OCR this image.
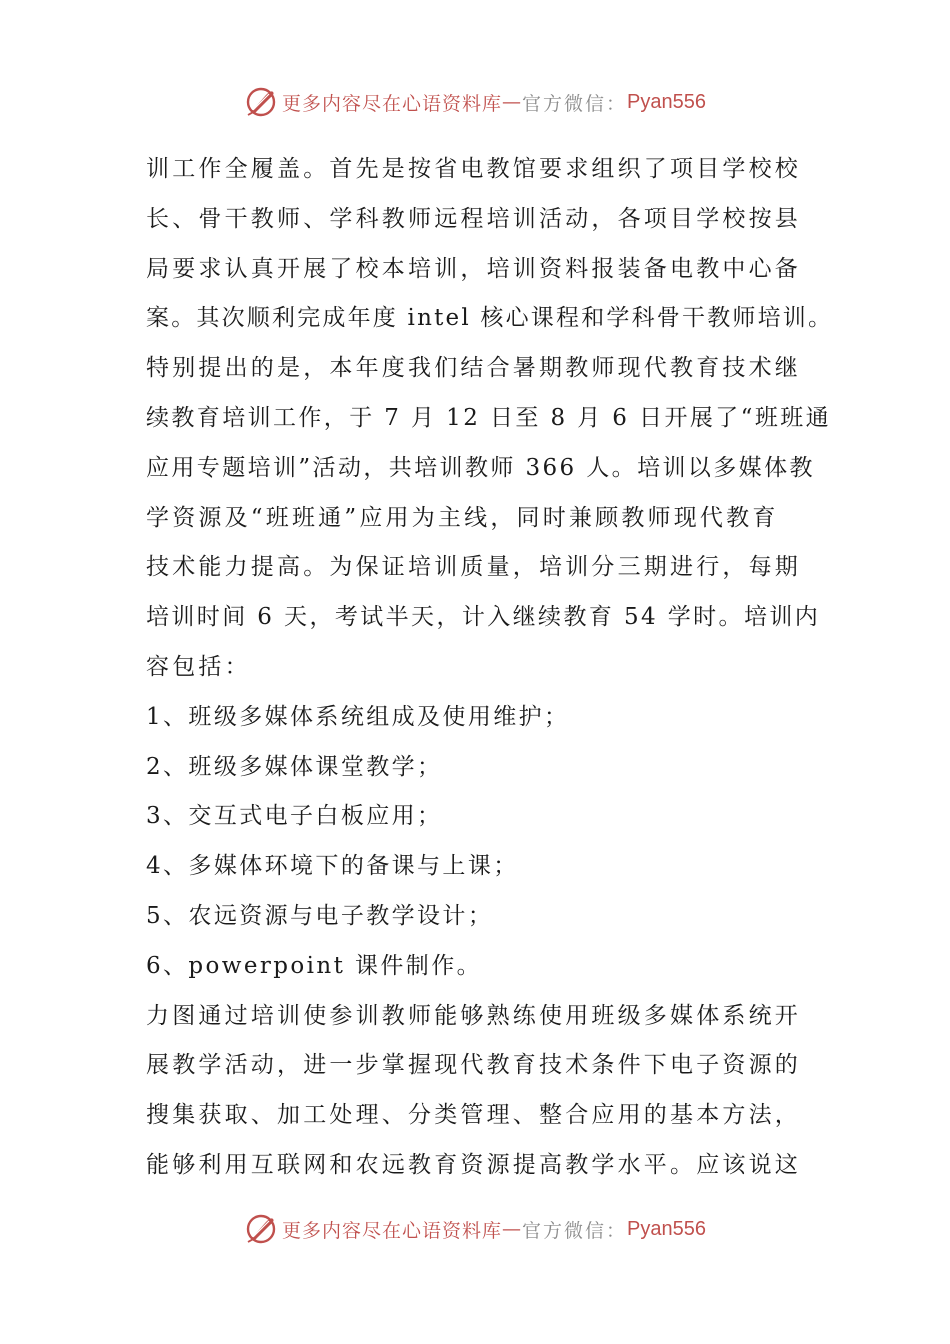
更多内容尽在心语资料库 — 官方微信： Pyan556
训工作全履盖。首先是按省电教馆要求组织了项目学校校
长、骨干教师、学科教师远程培训活动，各项目学校按县
局要求认真开展了校本培训，培训资料报装备电教中心备
案。其次顺利完成年度 intel 核心课程和学科骨干教师培训。
特别提出的是，本年度我们结合暑期教师现代教育技术继
续教育培训工作，于 7 月 12 日至 8 月 6 日开展了“班班通
应用专题培训”活动，共培训教师 366 人。培训以多媒体教
学资源及“班班通”应用为主线，同时兼顾教师现代教育
技术能力提高。为保证培训质量，培训分三期进行，每期
培训时间 6 天，考试半天，计入继续教育 54 学时。培训内
容包括：
1、班级多媒体系统组成及使用维护；
2、班级多媒体课堂教学；
3、交互式电子白板应用；
4、多媒体环境下的备课与上课；
5、农远资源与电子教学设计；
6、powerpoint 课件制作。
力图通过培训使参训教师能够熟练使用班级多媒体系统开
展教学活动，进一步掌握现代教育技术条件下电子资源的
搜集获取、加工处理、分类管理、整合应用的基本方法，
能够利用互联网和农远教育资源提高教学水平。应该说这
更多内容尽在心语资料库 — 官方微信： Pyan556
